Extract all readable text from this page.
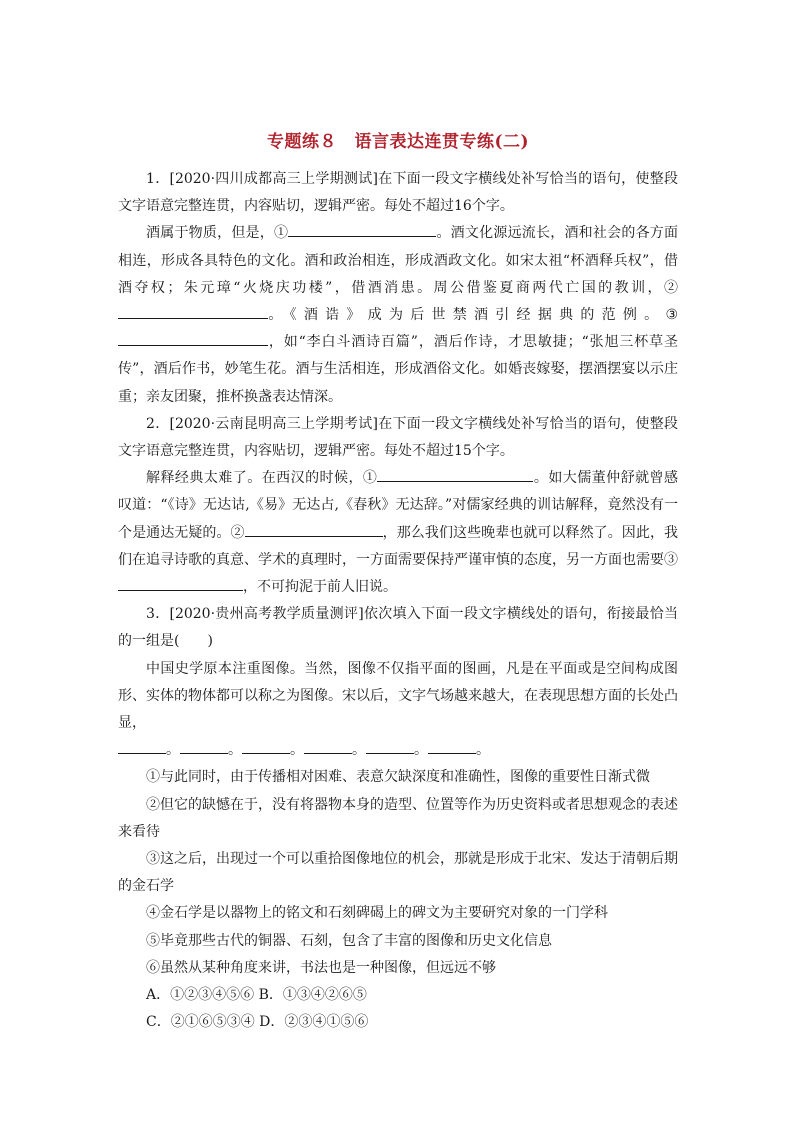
专题练８　语言表达连贯专练(二)

1．[2020·四川成都高三上学期测试]在下面一段文字横线处补写恰当的语句，使整段文字语意完整连贯，内容贴切，逻辑严密。每处不超过16个字。

酒属于物质，但是，①	。酒文化源远流长，酒和社会的各方面相连，形成各具特色的文化。酒和政治相连，形成酒政文化。如宋太祖“杯酒释兵权”，借酒夺权；朱元璋“火烧庆功楼”，借酒消患。周公借鉴夏商两代亡国的教训，②。《酒诰》成为后世禁酒引经据典的范例。③，如“李白斗酒诗百篇”，酒后作诗，才思敏捷；“张旭三杯草圣传”，酒后作书，妙笔生花。酒与生活相连，形成酒俗文化。如婚丧嫁娶，摆酒摆宴以示庄重；亲友团聚，推杯换盏表达情深。

2．[2020·云南昆明高三上学期考试]在下面一段文字横线处补写恰当的语句，使整段文字语意完整连贯，内容贴切，逻辑严密。每处不超过15个字。

解释经典太难了。在西汉的时候，①	。如大儒董仲舒就曾感叹道：“《诗》无达诂,《易》无达占,《春秋》无达辞。”对儒家经典的训诂解释，竟然没有一个是通达无疑的。②	，那么我们这些晚辈也就可以释然了。因此，我们在追寻诗歌的真意、学术的真理时，一方面需要保持严谨审慎的态度，另一方面也需要③，不可拘泥于前人旧说。

3．[2020·贵州高考教学质量测评]依次填入下面一段文字横线处的语句，衔接最恰当的一组是(　　)

中国史学原本注重图像。当然，图像不仅指平面的图画，凡是在平面或是空间构成图形、实体的物体都可以称之为图像。宋以后，文字气场越来越大，在表现思想方面的长处凸显，

。	。	。	。	。	。

①与此同时，由于传播相对困难、表意欠缺深度和准确性，图像的重要性日渐式微

②但它的缺憾在于，没有将器物本身的造型、位置等作为历史资料或者思想观念的表述来看待

③这之后，出现过一个可以重拾图像地位的机会，那就是形成于北宋、发达于清朝后期的金石学

④金石学是以器物上的铭文和石刻碑碣上的碑文为主要研究对象的一门学科

⑤毕竟那些古代的铜器、石刻，包含了丰富的图像和历史文化信息

⑥虽然从某种角度来讲，书法也是一种图像，但远远不够

A．①②③④⑤⑥ B．①③④②⑥⑤

C．②①⑥⑤③④ D．②③④①⑤⑥
